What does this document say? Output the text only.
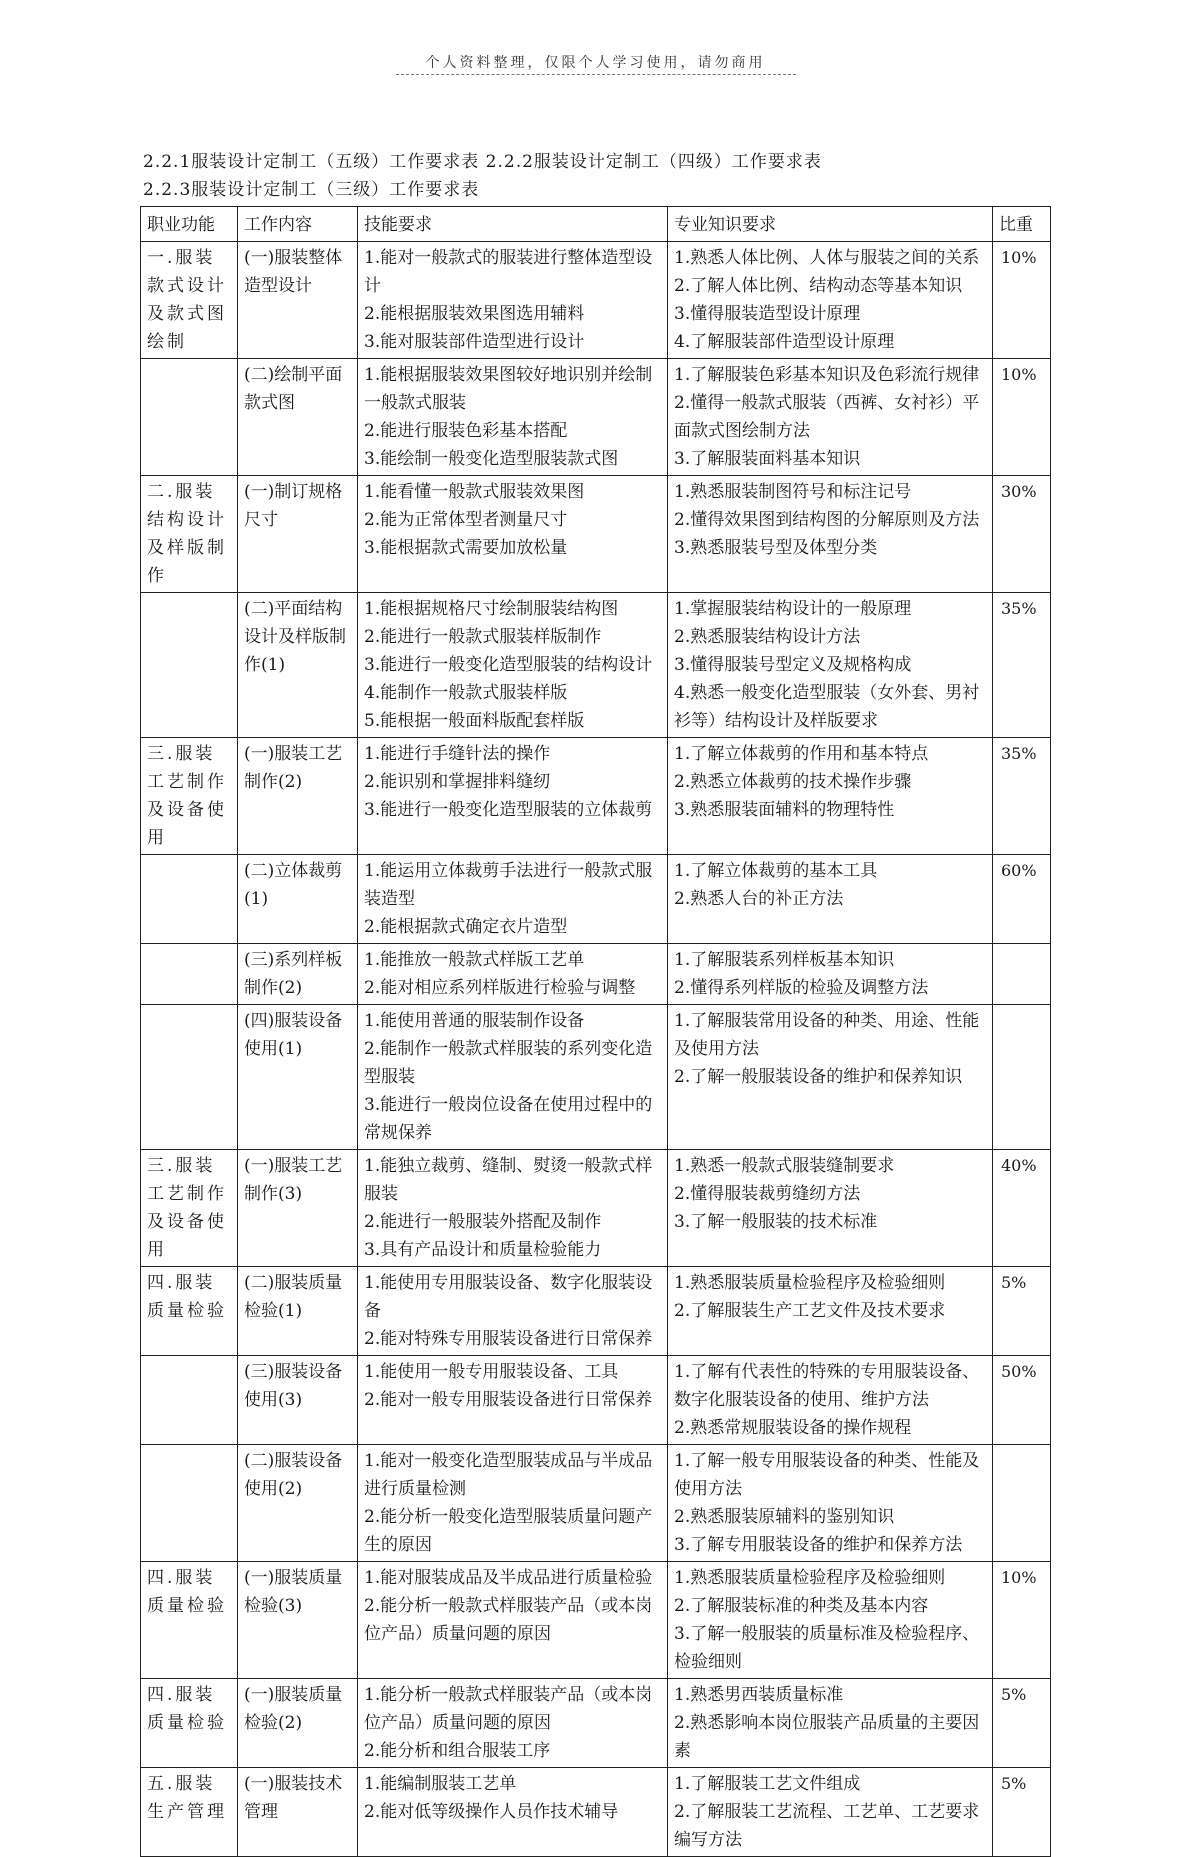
个人资料整理，仅限个人学习使用，请勿商用
2.2.1服装设计定制工（五级）工作要求表 2.2.2服装设计定制工（四级）工作要求表
2.2.3服装设计定制工（三级）工作要求表
职业功能	工作内容	技能要求	专业知识要求	比重
一.服装款式设计及款式图绘制	(一)服装整体造型设计	1.能对一般款式的服装进行整体造型设计
2.能根据服装效果图选用辅料
3.能对服装部件造型进行设计	1.熟悉人体比例、人体与服装之间的关系
2.了解人体比例、结构动态等基本知识
3.懂得服装造型设计原理
4.了解服装部件造型设计原理	10%
	(二)绘制平面款式图	1.能根据服装效果图较好地识别并绘制一般款式服装
2.能进行服装色彩基本搭配
3.能绘制一般变化造型服装款式图	1.了解服装色彩基本知识及色彩流行规律
2.懂得一般款式服装（西裤、女衬衫）平面款式图绘制方法
3.了解服装面料基本知识	10%
二.服装结构设计及样版制作	(一)制订规格尺寸	1.能看懂一般款式服装效果图
2.能为正常体型者测量尺寸
3.能根据款式需要加放松量	1.熟悉服装制图符号和标注记号
2.懂得效果图到结构图的分解原则及方法
3.熟悉服装号型及体型分类	30%
	(二)平面结构设计及样版制作(1)	1.能根据规格尺寸绘制服装结构图
2.能进行一般款式服装样版制作
3.能进行一般变化造型服装的结构设计
4.能制作一般款式服装样版
5.能根据一般面料版配套样版	1.掌握服装结构设计的一般原理
2.熟悉服装结构设计方法
3.懂得服装号型定义及规格构成
4.熟悉一般变化造型服装（女外套、男衬衫等）结构设计及样版要求	35%
三.服装工艺制作及设备使用	(一)服装工艺制作(2)	1.能进行手缝针法的操作
2.能识别和掌握排料缝纫
3.能进行一般变化造型服装的立体裁剪	1.了解立体裁剪的作用和基本特点
2.熟悉立体裁剪的技术操作步骤
3.熟悉服装面辅料的物理特性	35%
	(二)立体裁剪(1)	1.能运用立体裁剪手法进行一般款式服装造型
2.能根据款式确定衣片造型	1.了解立体裁剪的基本工具
2.熟悉人台的补正方法	60%
	(三)系列样板制作(2)	1.能推放一般款式样版工艺单
2.能对相应系列样版进行检验与调整	1.了解服装系列样板基本知识
2.懂得系列样版的检验及调整方法	

	(四)服装设备使用(1)	1.能使用普通的服装制作设备
2.能制作一般款式样服装的系列变化造型服装
3.能进行一般岗位设备在使用过程中的常规保养	1.了解服装常用设备的种类、用途、性能及使用方法
2.了解一般服装设备的维护和保养知识	

三.服装工艺制作及设备使用	(一)服装工艺制作(3)	1.能独立裁剪、缝制、熨烫一般款式样服装
2.能进行一般服装外搭配及制作
3.具有产品设计和质量检验能力	1.熟悉一般款式服装缝制要求
2.懂得服装裁剪缝纫方法
3.了解一般服装的技术标准	40%
四.服装质量检验	(二)服装质量检验(1)	1.能使用专用服装设备、数字化服装设备
2.能对特殊专用服装设备进行日常保养	1.熟悉服装质量检验程序及检验细则
2.了解服装生产工艺文件及技术要求	5%
	(三)服装设备使用(3)	1.能使用一般专用服装设备、工具
2.能对一般专用服装设备进行日常保养	1.了解有代表性的特殊的专用服装设备、数字化服装设备的使用、维护方法
2.熟悉常规服装设备的操作规程	50%
	(二)服装设备使用(2)	1.能对一般变化造型服装成品与半成品进行质量检测
2.能分析一般变化造型服装质量问题产生的原因	1.了解一般专用服装设备的种类、性能及使用方法
2.熟悉服装原辅料的鉴别知识
3.了解专用服装设备的维护和保养方法	

四.服装质量检验	(一)服装质量检验(3)	1.能对服装成品及半成品进行质量检验
2.能分析一般款式样服装产品（或本岗位产品）质量问题的原因	1.熟悉服装质量检验程序及检验细则
2.了解服装标准的种类及基本内容
3.了解一般服装的质量标准及检验程序、检验细则	10%
四.服装质量检验	(一)服装质量检验(2)	1.能分析一般款式样服装产品（或本岗位产品）质量问题的原因
2.能分析和组合服装工序	1.熟悉男西装质量标准
2.熟悉影响本岗位服装产品质量的主要因素	5%
五.服装生产管理	(一)服装技术管理	1.能编制服装工艺单
2.能对低等级操作人员作技术辅导	1.了解服装工艺文件组成
2.了解服装工艺流程、工艺单、工艺要求编写方法	5%
